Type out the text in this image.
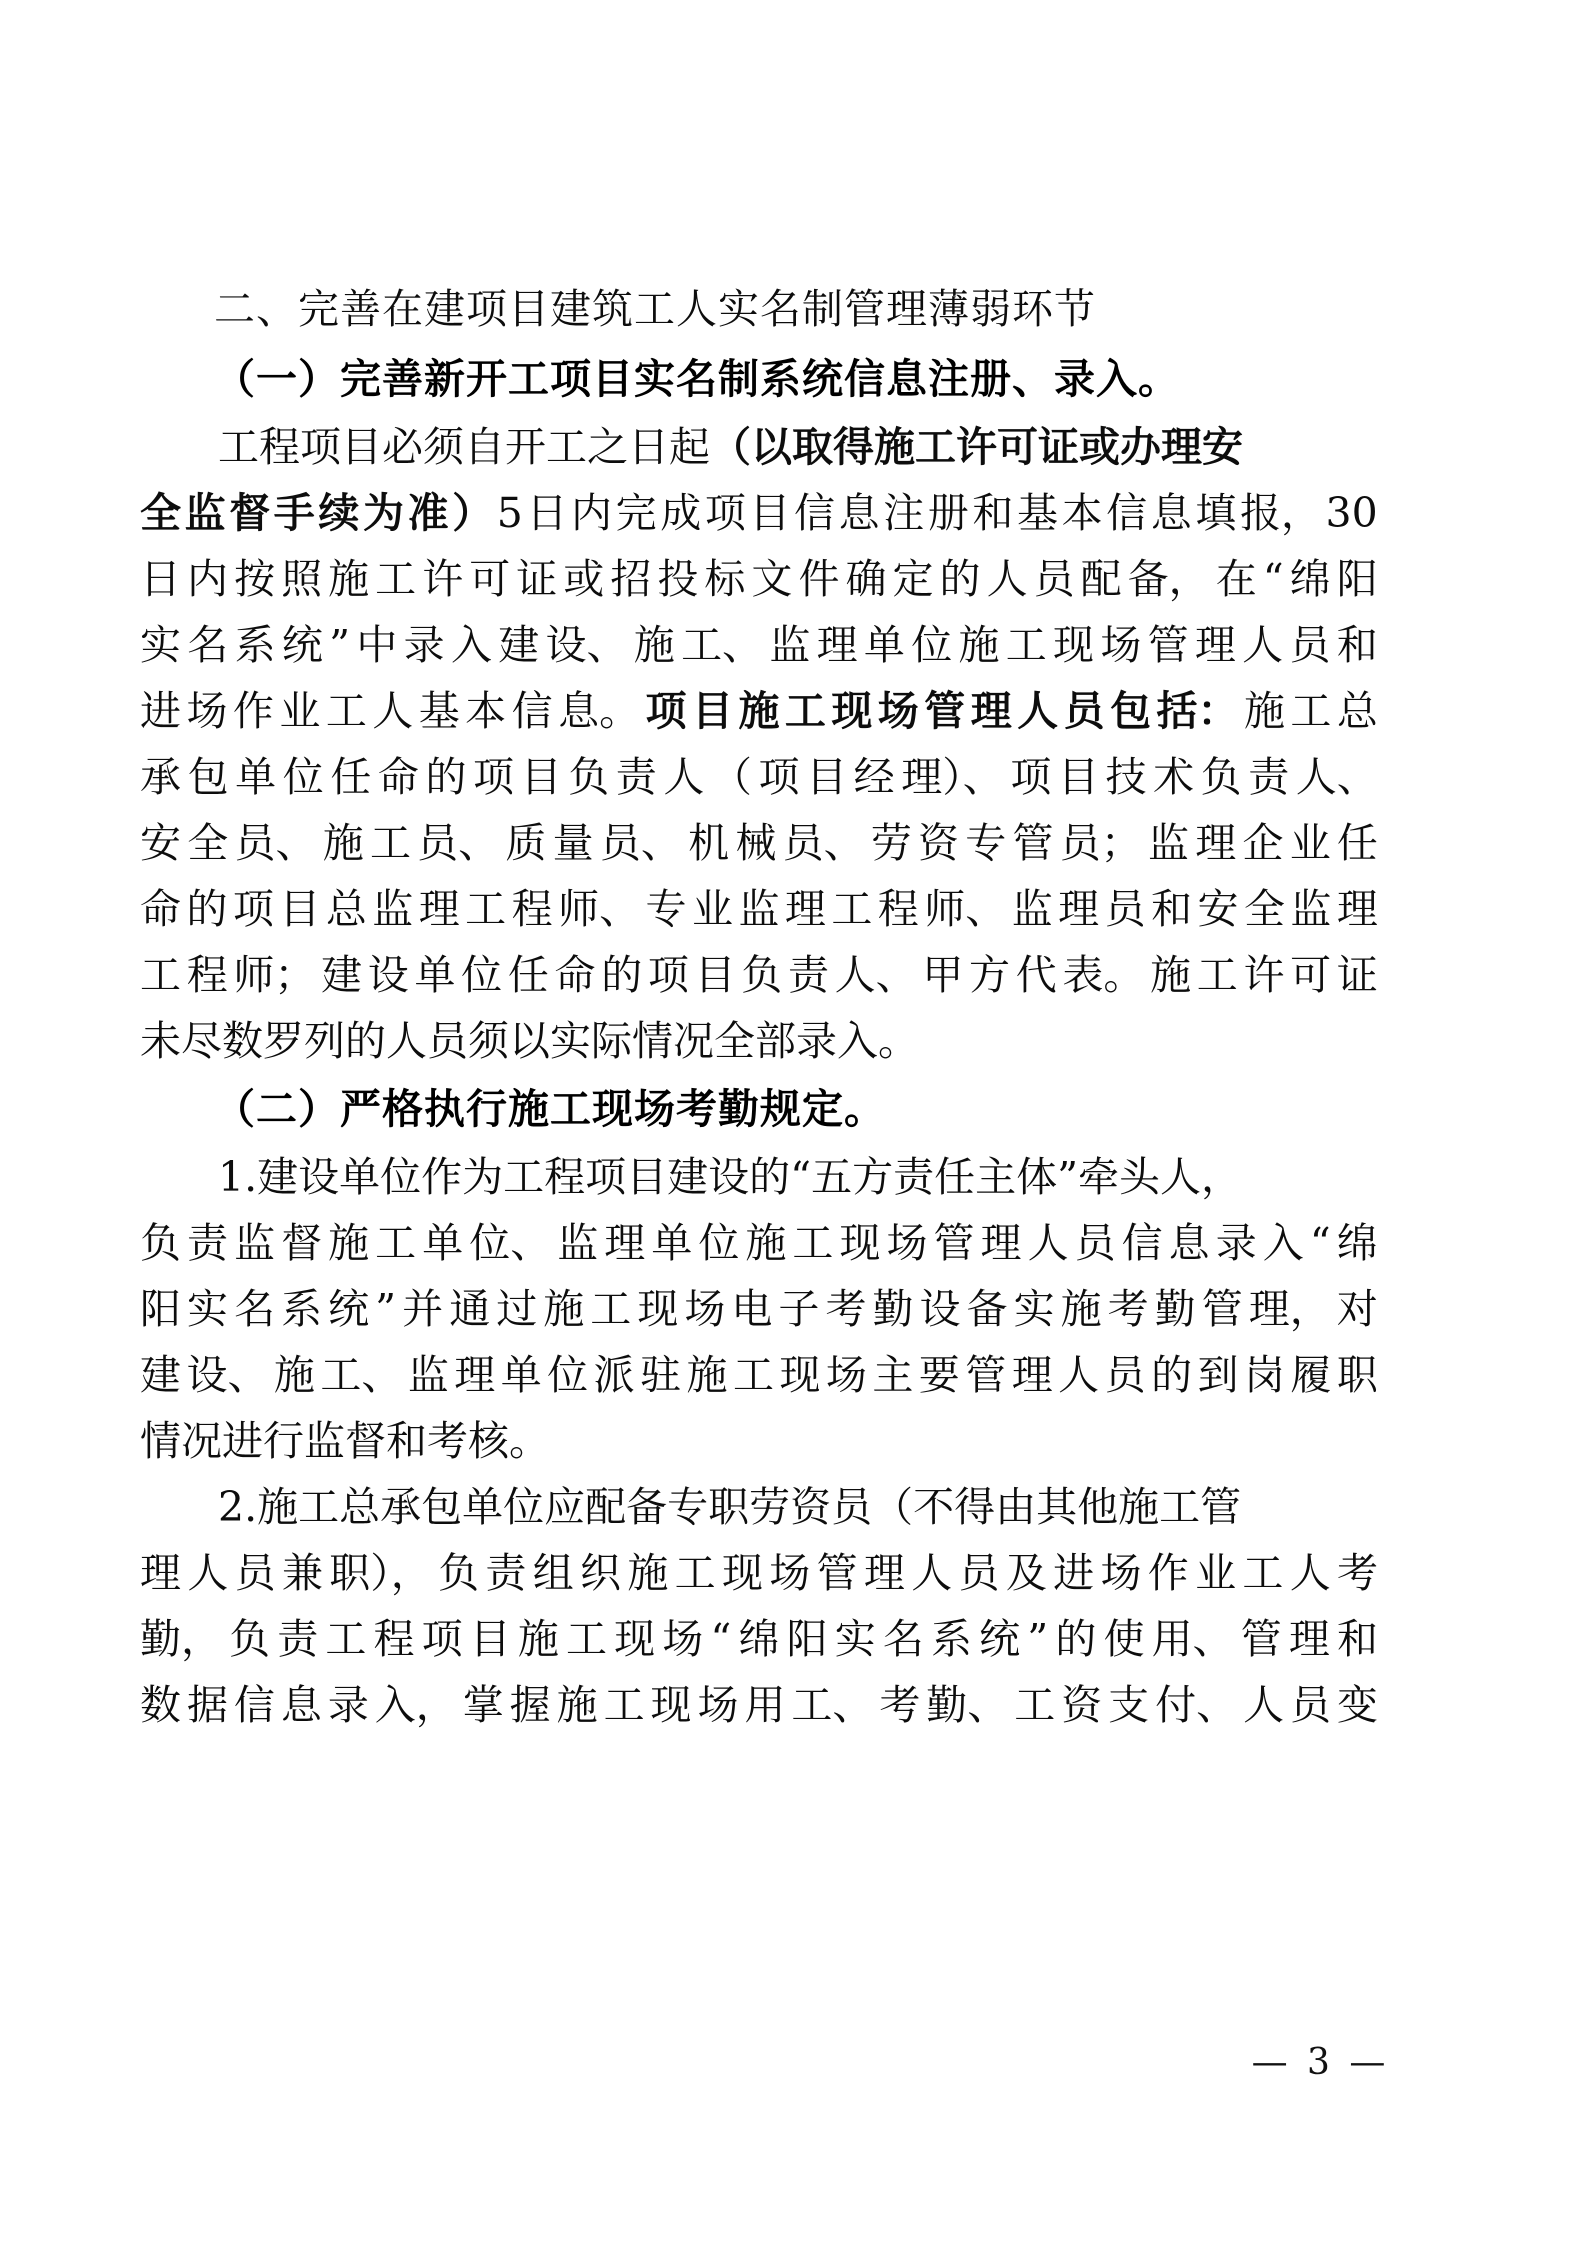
二、完善在建项目建筑工人实名制管理薄弱环节
（一）完善新开工项目实名制系统信息注册、录入。
工程项目必须自开工之日起（以取得施工许可证或办理安
全 监 督 手 续 为 准 ） 5 日 内 完 成 项 目 信 息 注 册 和 基 本 信 息 填 报， 30
日 内 按 照 施 工 许 可 证 或 招 投 标 文 件 确 定 的 人 员 配 备， 在 “ 绵 阳
实 名 系 统 ” 中 录 入 建 设、 施 工、 监 理 单 位 施 工 现 场 管 理 人 员 和
进 场 作 业 工 人 基 本 信 息。 项 目 施 工 现 场 管 理 人 员 包 括： 施 工 总
承 包 单 位 任 命 的 项 目 负 责 人 （ 项 目 经 理）、 项 目 技 术 负 责 人、
安 全 员、 施 工 员、 质 量 员、 机 械 员、 劳 资 专 管 员； 监 理 企 业 任
命 的 项 目 总 监 理 工 程 师、 专 业 监 理 工 程 师、 监 理 员 和 安 全 监 理
工 程 师； 建 设 单 位 任 命 的 项 目 负 责 人、 甲 方 代 表。 施 工 许 可 证
未尽数罗列的人员须以实际情况全部录入。
（二）严格执行施工现场考勤规定。
1.建设单位作为工程项目建设的“五方责任主体”牵头人，
负 责 监 督 施 工 单 位、 监 理 单 位 施 工 现 场 管 理 人 员 信 息 录 入 “ 绵
阳 实 名 系 统 ” 并 通 过 施 工 现 场 电 子 考 勤 设 备 实 施 考 勤 管 理， 对
建 设、 施 工、 监 理 单 位 派 驻 施 工 现 场 主 要 管 理 人 员 的 到 岗 履 职
情况进行监督和考核。
2.施工总承包单位应配备专职劳资员（不得由其他施工管
理 人 员 兼 职）， 负 责 组 织 施 工 现 场 管 理 人 员 及 进 场 作 业 工 人 考
勤， 负 责 工 程 项 目 施 工 现 场 “ 绵 阳 实 名 系 统 ” 的 使 用、 管 理 和
数 据 信 息 录 入， 掌 握 施 工 现 场 用 工、 考 勤、 工 资 支 付、 人 员 变
— 3 —
